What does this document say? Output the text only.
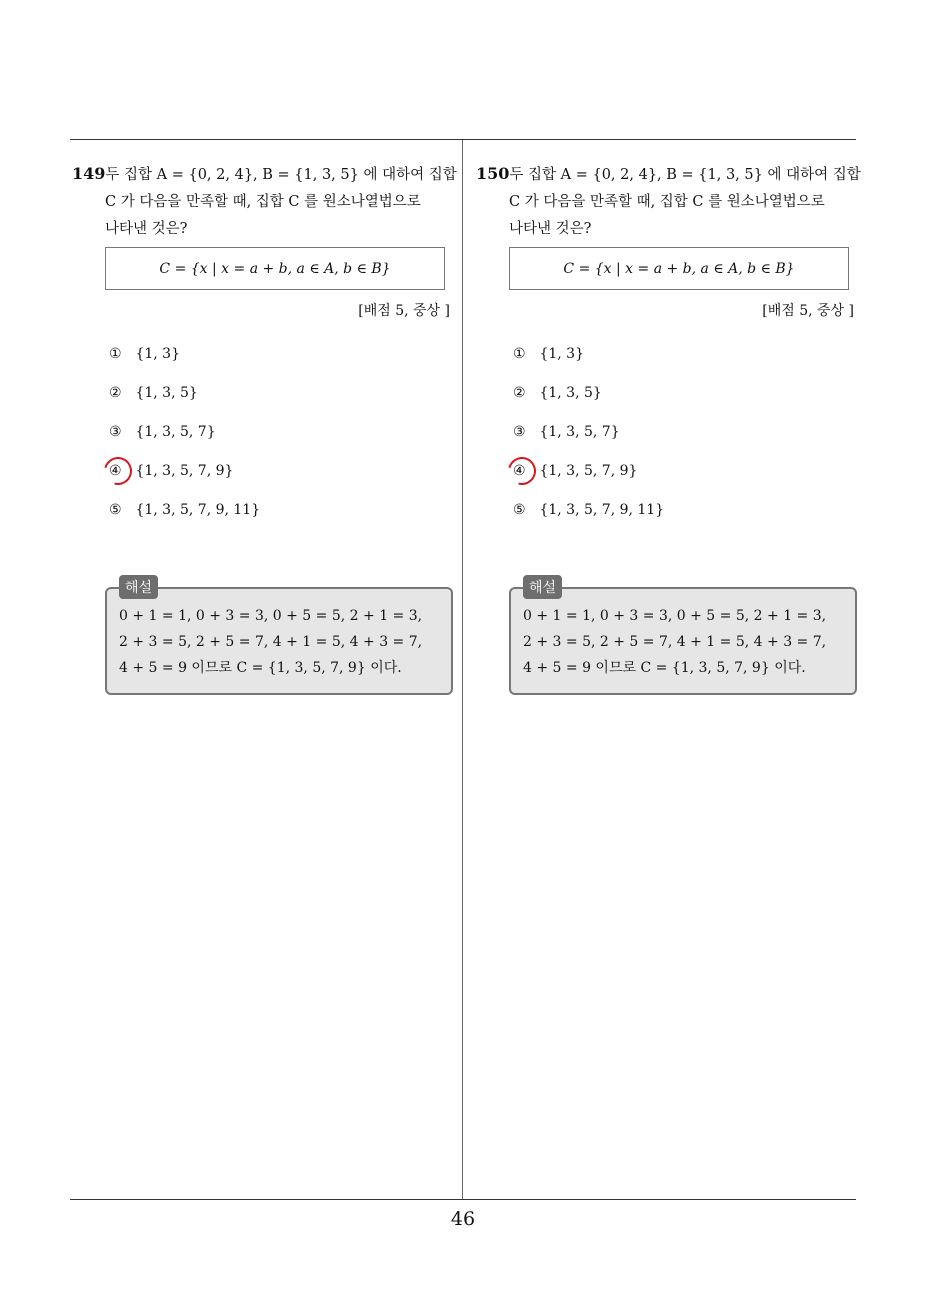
149두 집합 A = {0, 2, 4}, B = {1, 3, 5} 에 대하여 집합
C 가 다음을 만족할 때, 집합 C 를 원소나열법으로
나타낸 것은?
C = {x | x = a + b, a ∈ A, b ∈ B}
[배점 5, 중상 ]
① {1, 3}
② {1, 3, 5}
③ {1, 3, 5, 7}
④ {1, 3, 5, 7, 9}
⑤ {1, 3, 5, 7, 9, 11}
해설
0 + 1 = 1, 0 + 3 = 3, 0 + 5 = 5, 2 + 1 = 3,
2 + 3 = 5, 2 + 5 = 7, 4 + 1 = 5, 4 + 3 = 7,
4 + 5 = 9 이므로 C = {1, 3, 5, 7, 9} 이다.
150두 집합 A = {0, 2, 4}, B = {1, 3, 5} 에 대하여 집합
C 가 다음을 만족할 때, 집합 C 를 원소나열법으로
나타낸 것은?
C = {x | x = a + b, a ∈ A, b ∈ B}
[배점 5, 중상 ]
① {1, 3}
② {1, 3, 5}
③ {1, 3, 5, 7}
④ {1, 3, 5, 7, 9}
⑤ {1, 3, 5, 7, 9, 11}
해설
0 + 1 = 1, 0 + 3 = 3, 0 + 5 = 5, 2 + 1 = 3,
2 + 3 = 5, 2 + 5 = 7, 4 + 1 = 5, 4 + 3 = 7,
4 + 5 = 9 이므로 C = {1, 3, 5, 7, 9} 이다.
46
